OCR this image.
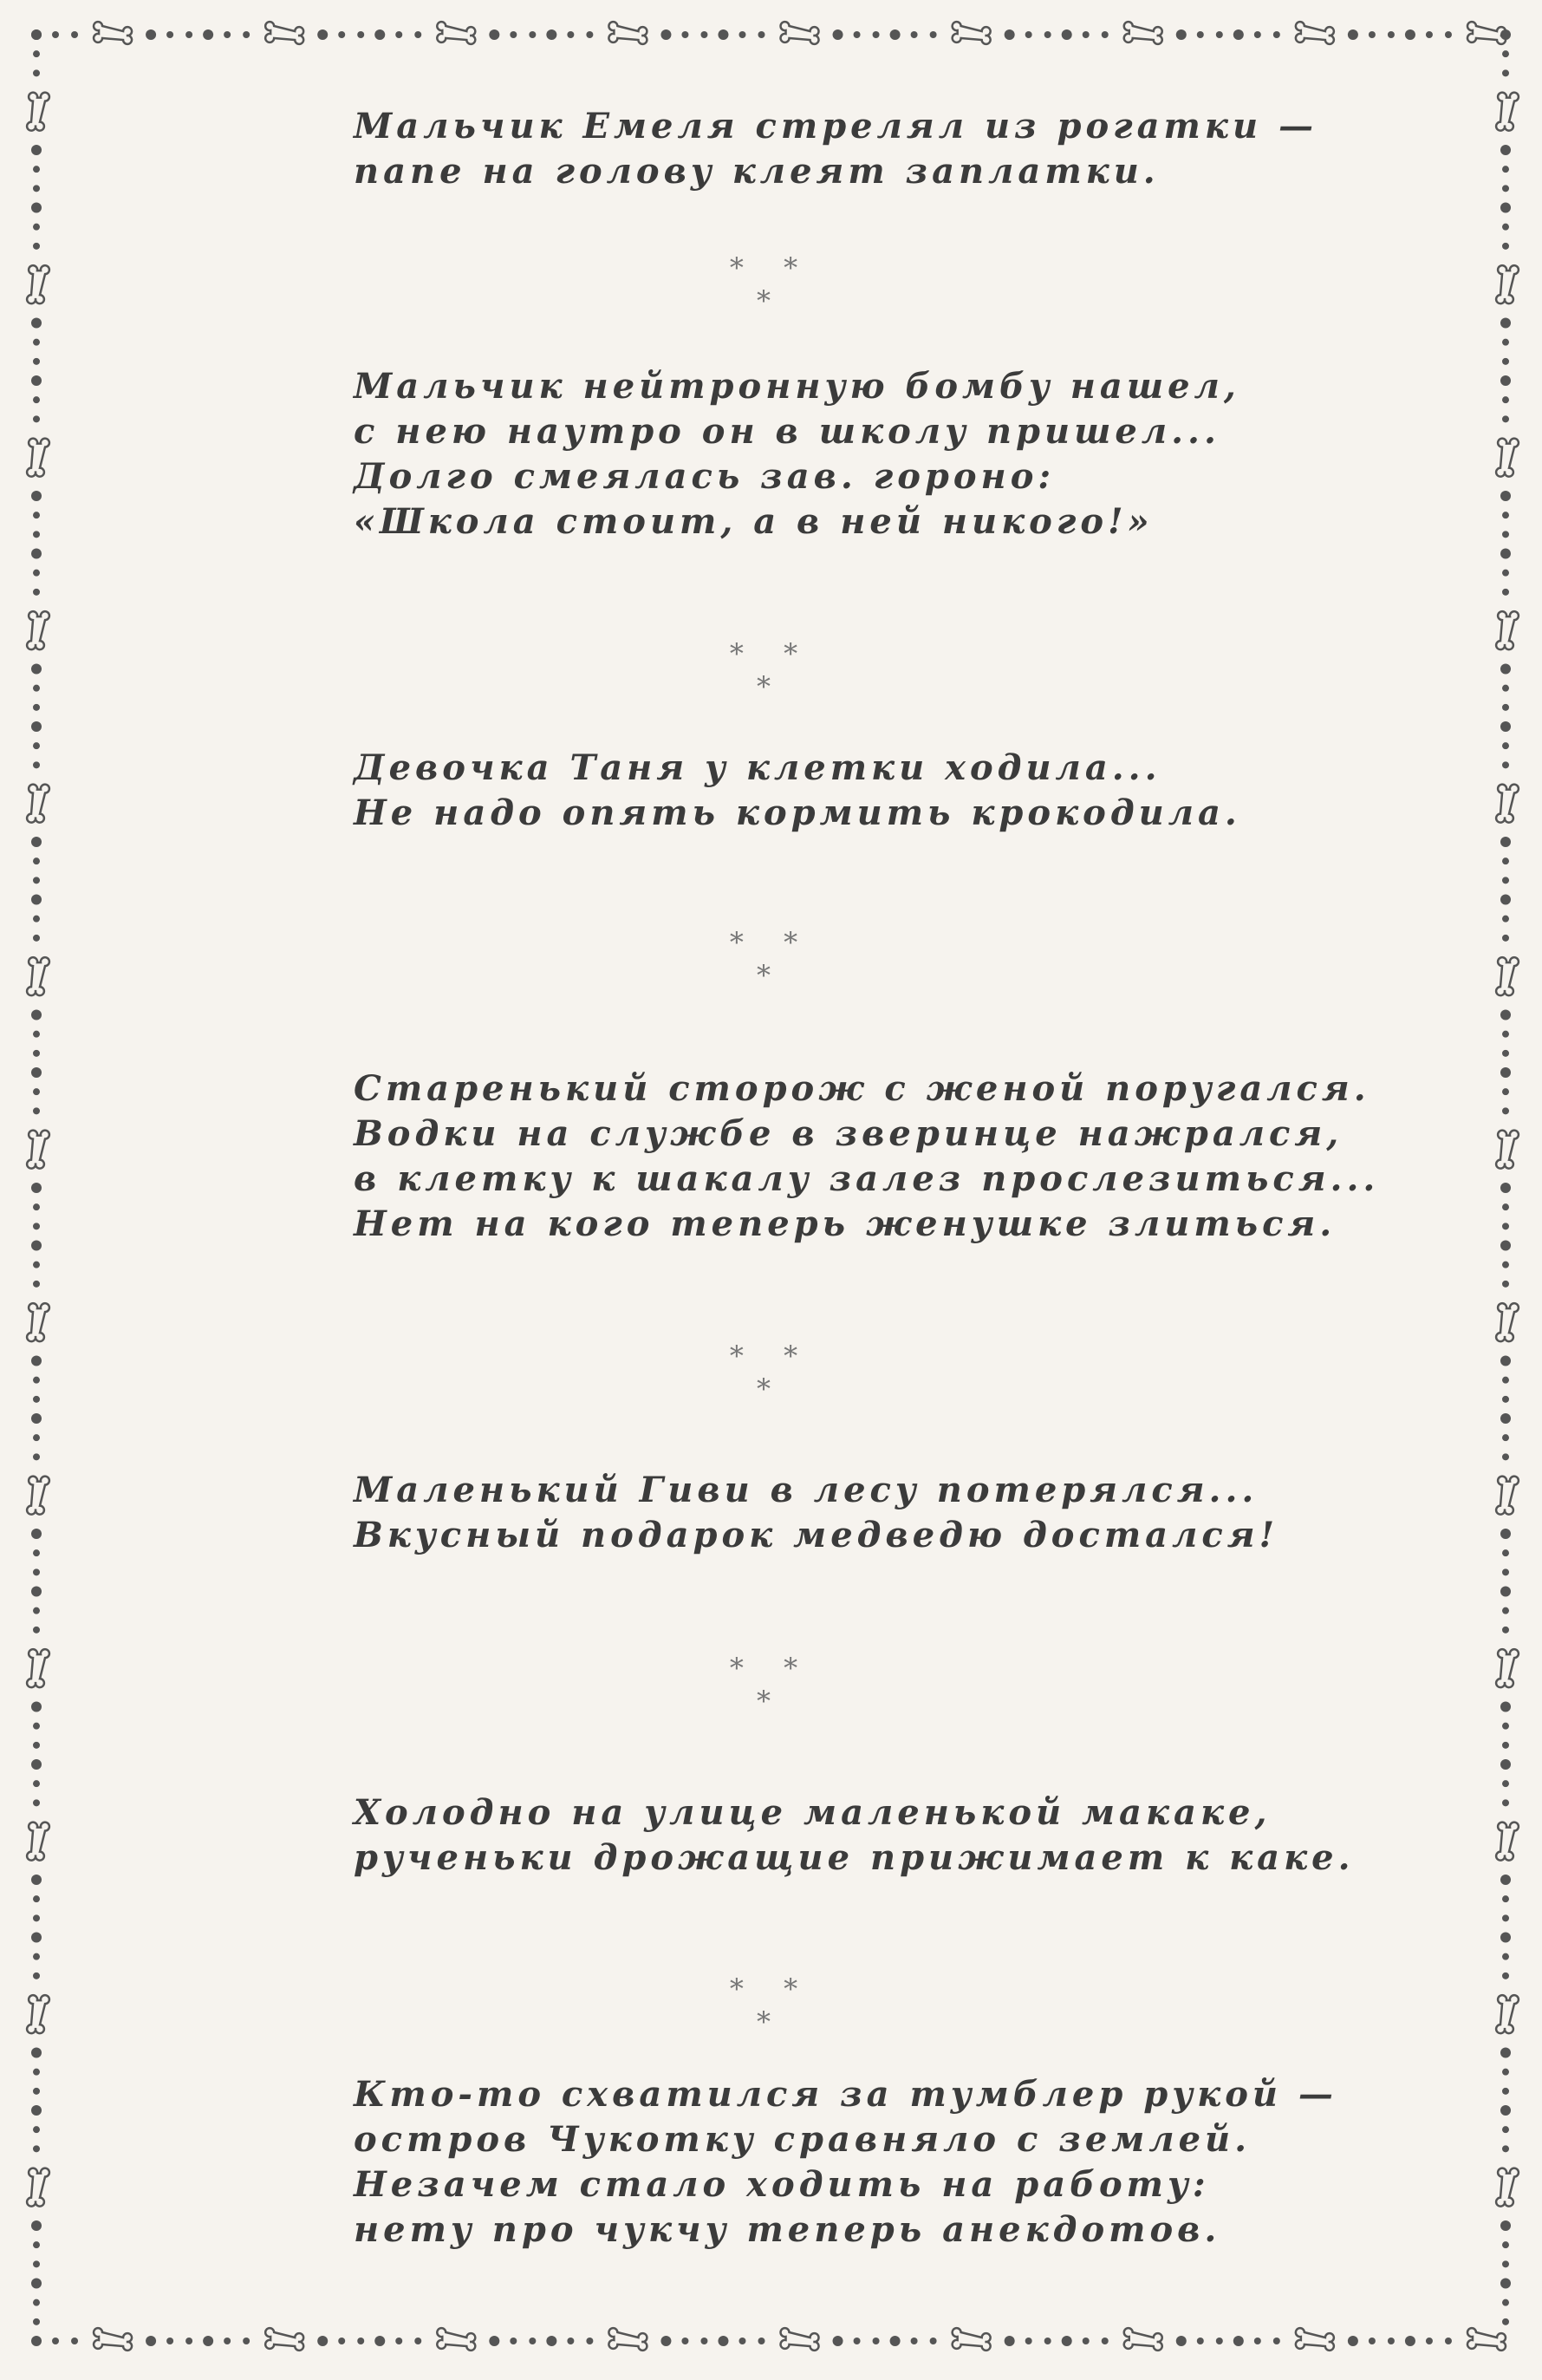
Мальчик Емеля стрелял из рогатки —
папе на голову клеят заплатки.
* * *
Мальчик нейтронную бомбу нашел,
с нею наутро он в школу пришел...
Долго смеялась зав. гороно:
«Школа стоит, а в ней никого!»
* * *
Девочка Таня у клетки ходила...
Не надо опять кормить крокодила.
* * *
Старенький сторож с женой поругался.
Водки на службе в зверинце нажрался,
в клетку к шакалу залез прослезиться...
Нет на кого теперь женушке злиться.
* * *
Маленький Гиви в лесу потерялся...
Вкусный подарок медведю достался!
* * *
Холодно на улице маленькой макаке,
рученьки дрожащие прижимает к каке.
* * *
Кто-то схватился за тумблер рукой —
остров Чукотку сравняло с землей.
Незачем стало ходить на работу:
нету про чукчу теперь анекдотов.
